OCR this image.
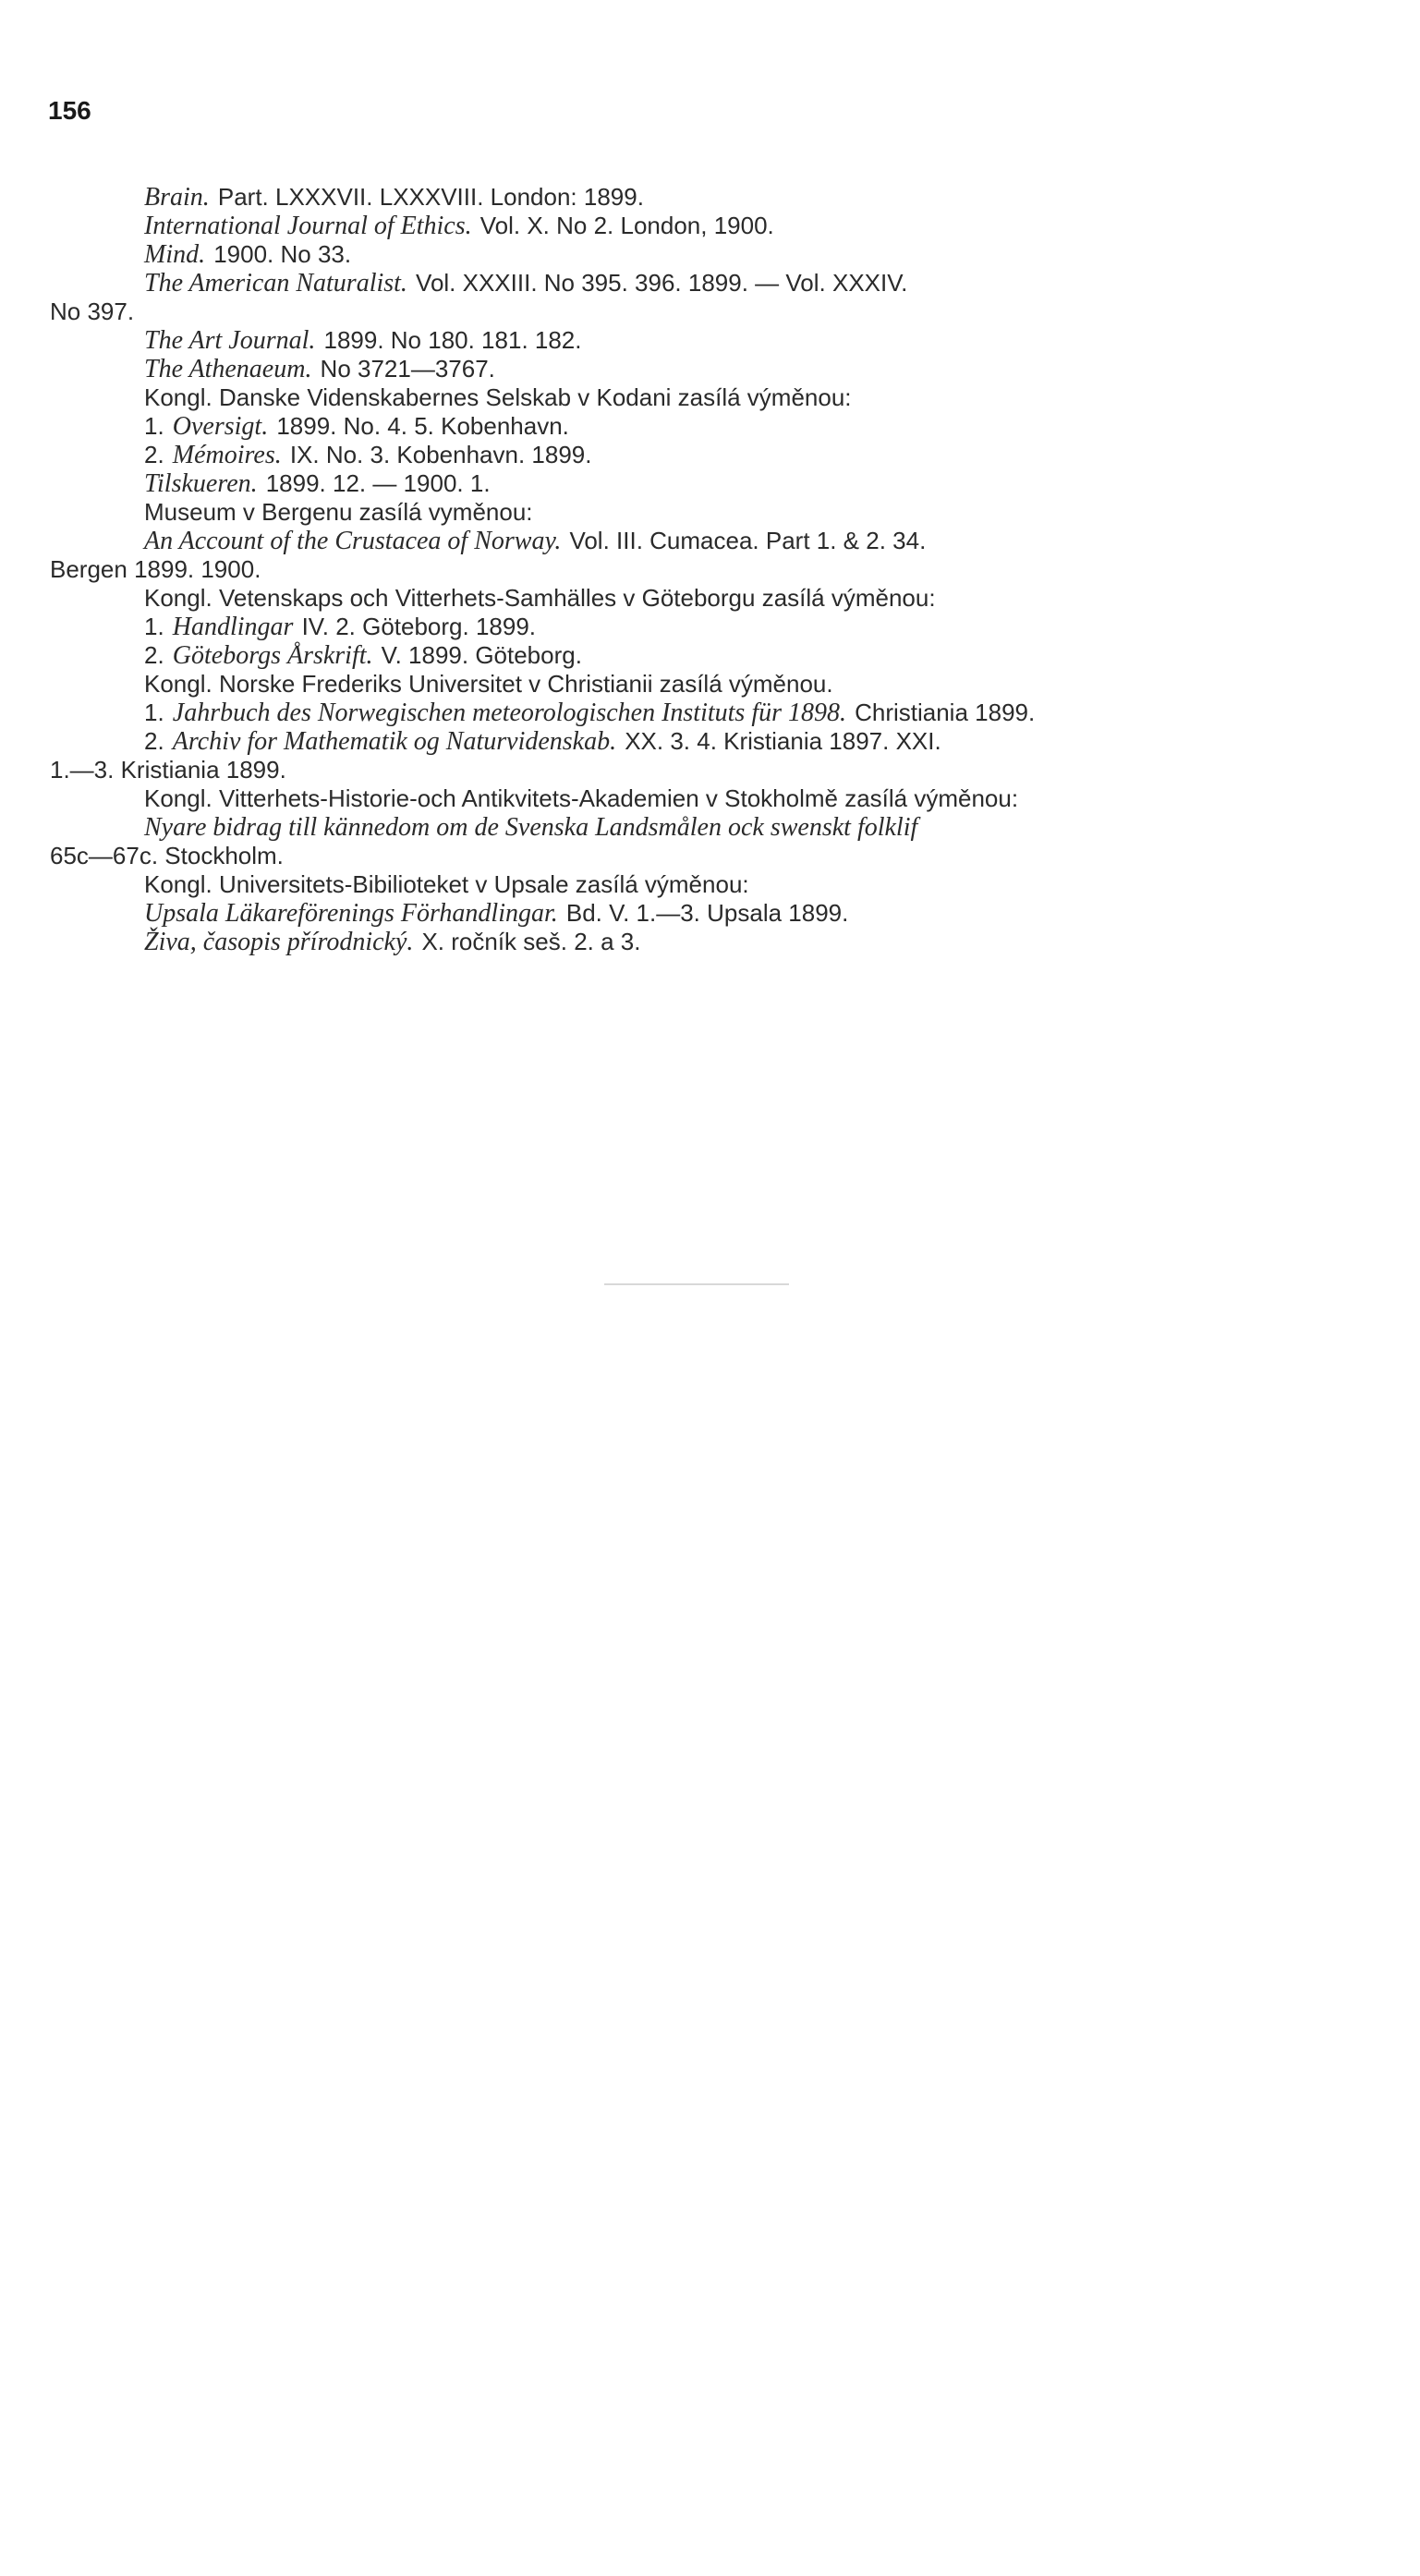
156
Brain. Part. LXXXVII. LXXXVIII. London: 1899.
International Journal of Ethics. Vol. X. No 2. London, 1900.
Mind. 1900. No 33.
The American Naturalist. Vol. XXXIII. No 395. 396. 1899. — Vol. XXXIV.
No 397.
The Art Journal. 1899. No 180. 181. 182.
The Athenaeum. No 3721—3767.
Kongl. Danske Videnskabernes Selskab v Kodani zasílá výměnou:
1. Oversigt. 1899. No. 4. 5. Kobenhavn.
2. Mémoires. IX. No. 3. Kobenhavn. 1899.
Tilskueren. 1899. 12. — 1900. 1.
Museum v Bergenu zasílá vyměnou:
An Account of the Crustacea of Norway. Vol. III. Cumacea. Part 1. & 2. 34.
Bergen 1899. 1900.
Kongl. Vetenskaps och Vitterhets-Samhälles v Göteborgu zasílá výměnou:
1. Handlingar IV. 2. Göteborg. 1899.
2. Göteborgs Årskrift. V. 1899. Göteborg.
Kongl. Norske Frederiks Universitet v Christianii zasílá výměnou.
1. Jahrbuch des Norwegischen meteorologischen Instituts für 1898. Christiania 1899.
2. Archiv for Mathematik og Naturvidenskab. XX. 3. 4. Kristiania 1897. XXI.
1.—3. Kristiania 1899.
Kongl. Vitterhets-Historie-och Antikvitets-Akademien v Stokholmě zasílá výměnou:
Nyare bidrag till kännedom om de Svenska Landsmålen ock swenskt folklif
65c—67c. Stockholm.
Kongl. Universitets-Bibilioteket v Upsale zasílá výměnou:
Upsala Läkareförenings Förhandlingar. Bd. V. 1.—3. Upsala 1899.
Živa, časopis přírodnický. X. ročník seš. 2. a 3.
